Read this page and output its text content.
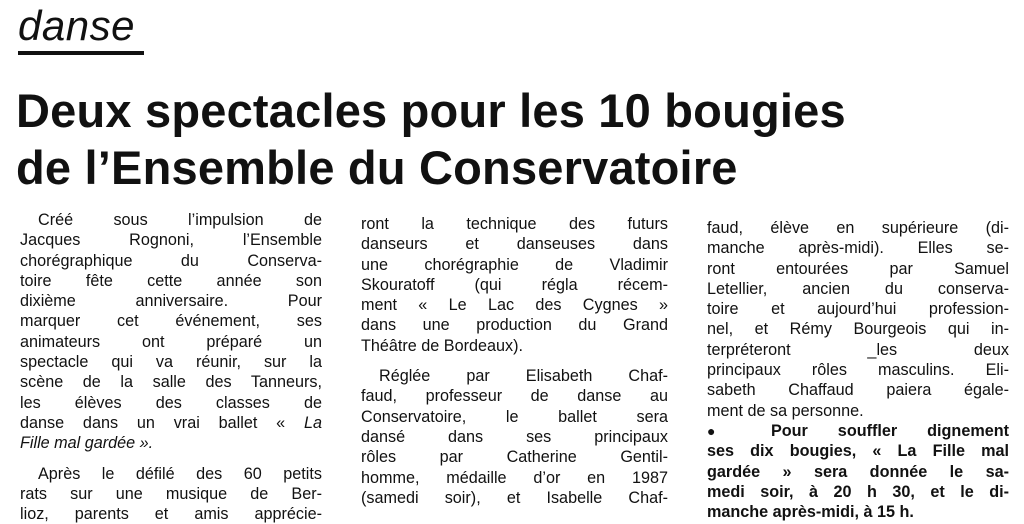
danse
Deux spectacles pour les 10 bougies
de l’Ensemble du Conservatoire

Créé sous l’impulsion de
Jacques Rognoni, l’Ensemble
chorégraphique du Conserva-
toire fête cette année son
dixième anniversaire. Pour
marquer cet événement, ses
animateurs ont préparé un
spectacle qui va réunir, sur la
scène de la salle des Tanneurs,
les élèves des classes de
danse dans un vrai ballet « La
Fille mal gardée ».

Après le défilé des 60 petits
rats sur une musique de Ber-
lioz, parents et amis apprécie-

ront la technique des futurs
danseurs et danseuses dans
une chorégraphie de Vladimir
Skouratoff (qui régla récem-
ment « Le Lac des Cygnes »
dans une production du Grand
Théâtre de Bordeaux).

Réglée par Elisabeth Chaf-
faud, professeur de danse au
Conservatoire, le ballet sera
dansé dans ses principaux
rôles par Catherine Gentil-
homme, médaille d’or en 1987
(samedi soir), et Isabelle Chaf-

faud, élève en supérieure (di-
manche après-midi). Elles se-
ront entourées par Samuel
Letellier, ancien du conserva-
toire et aujourd’hui profession-
nel, et Rémy Bourgeois qui in-
terpréteront _les deux
principaux rôles masculins. Eli-
sabeth Chaffaud paiera égale-
ment de sa personne.

● Pour souffler dignement
ses dix bougies, « La Fille mal
gardée » sera donnée le sa-
medi soir, à 20 h 30, et le di-
manche après-midi, à 15 h.
